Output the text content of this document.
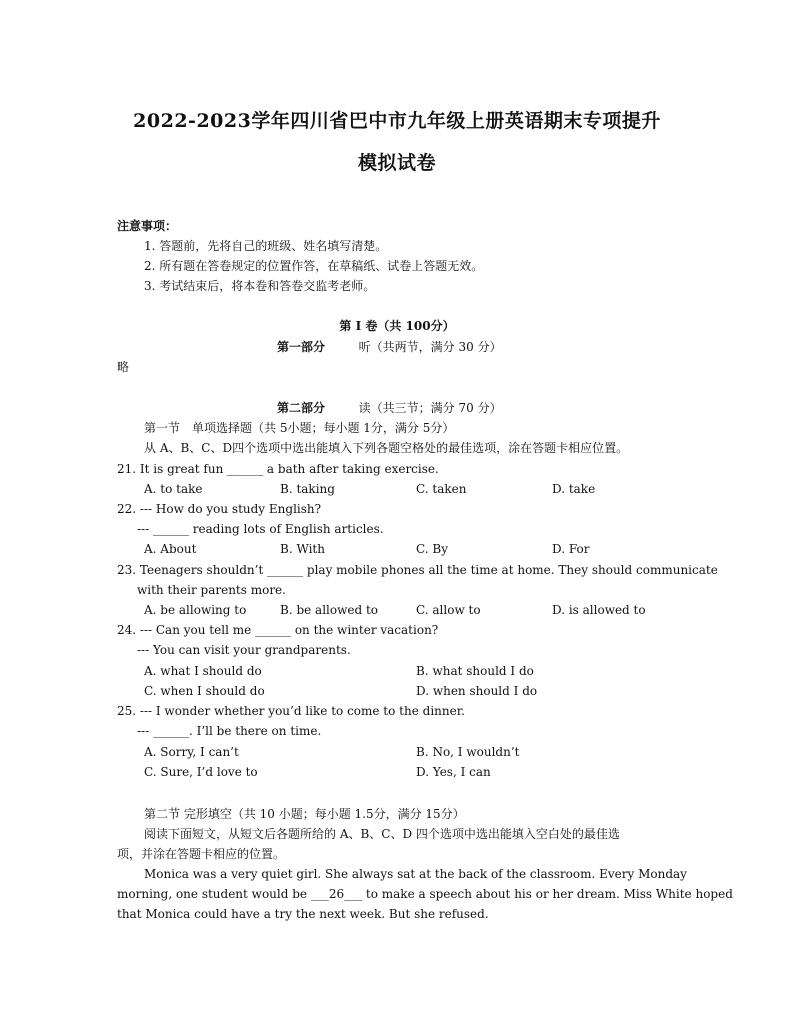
2022-2023学年四川省巴中市九年级上册英语期末专项提升
模拟试卷
注意事项：
1. 答题前，先将自己的班级、姓名填写清楚。
2. 所有题在答卷规定的位置作答，在草稿纸、试卷上答题无效。
3. 考试结束后，将本卷和答卷交监考老师。
第 Ⅰ 卷（共 100分）
第一部分	听（共两节，满分 30 分）
略
第二部分	读（共三节；满分 70 分）
第一节　单项选择题（共 5小题；每小题 1分，满分 5分）
从 A、B、C、D四个选项中选出能填入下列各题空格处的最佳选项，涂在答题卡相应位置。
21. It is great fun ______ a bath after taking exercise.
A. to take	B. taking	C. taken	D. take
22. --- How do you study English?
--- ______ reading lots of English articles.
A. About	B. With	C. By	D. For
23. Teenagers shouldn’t ______ play mobile phones all the time at home. They should communicate
with their parents more.
A. be allowing to	B. be allowed to	C. allow to	D. is allowed to
24. --- Can you tell me ______ on the winter vacation?
--- You can visit your grandparents.
A. what I should do	B. what should I do
C. when I should do	D. when should I do
25. --- I wonder whether you’d like to come to the dinner.
--- ______. I’ll be there on time.
A. Sorry, I can’t	B. No, I wouldn’t
C. Sure, I’d love to	D. Yes, I can
第二节 完形填空（共 10 小题；每小题 1.5分，满分 15分）
阅读下面短文，从短文后各题所给的 A、B、C、D 四个选项中选出能填入空白处的最佳选
项，并涂在答题卡相应的位置。
Monica was a very quiet girl. She always sat at the back of the classroom. Every Monday
morning, one student would be ___26___ to make a speech about his or her dream. Miss White hoped
that Monica could have a try the next week. But she refused.
